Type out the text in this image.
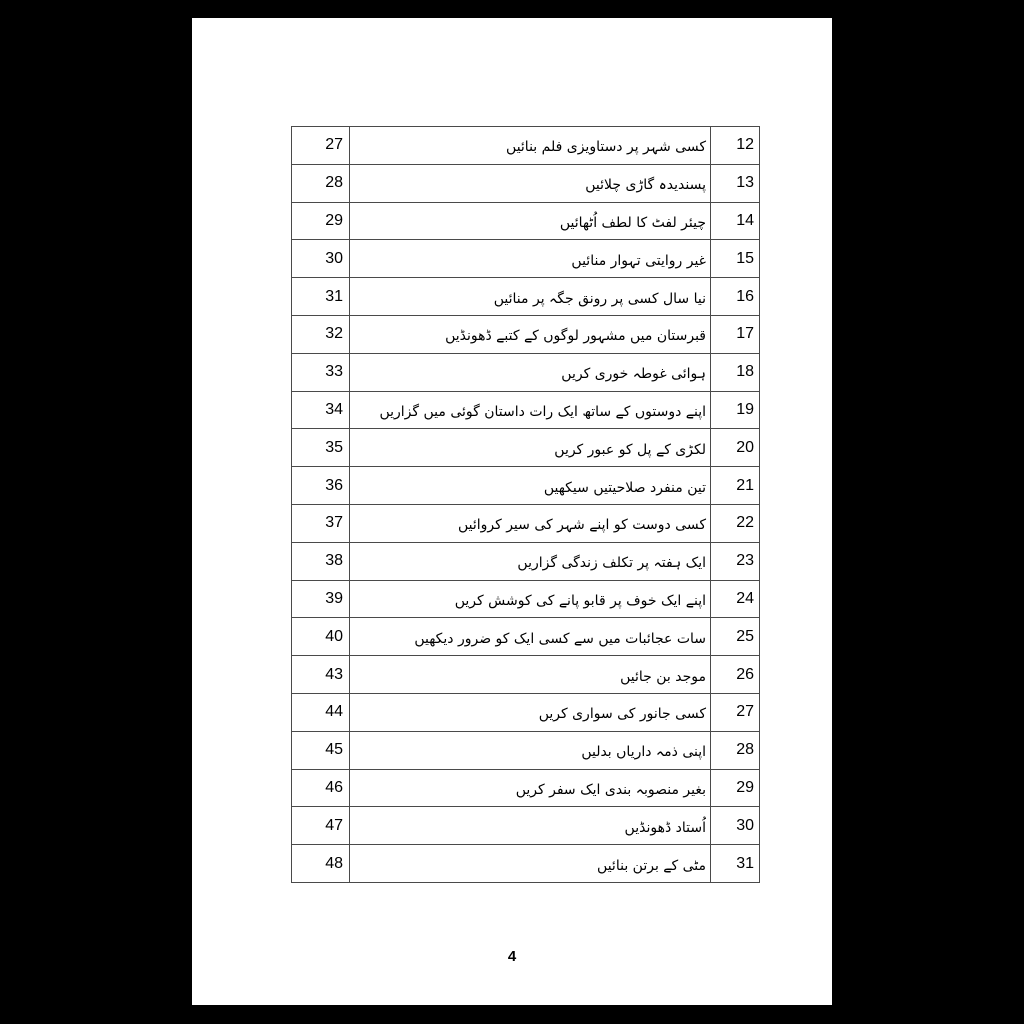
27	کسی شہر پر دستاویزی فلم بنائیں	12
28	پسندیدہ گاڑی چلائیں	13
29	چیئر لفٹ کا لطف اُٹھائیں	14
30	غیر روایتی تہوار منائیں	15
31	نیا سال کسی پر رونق جگہ پر منائیں	16
32	قبرستان میں مشہور لوگوں کے کتبے ڈھونڈیں	17
33	ہوائی غوطہ خوری کریں	18
34	اپنے دوستوں کے ساتھ ایک رات داستان گوئی میں گزاریں	19
35	لکڑی کے پل کو عبور کریں	20
36	تین منفرد صلاحیتیں سیکھیں	21
37	کسی دوست کو اپنے شہر کی سیر کروائیں	22
38	ایک ہفتہ پر تکلف زندگی گزاریں	23
39	اپنے ایک خوف پر قابو پانے کی کوشش کریں	24
40	سات عجائبات میں سے کسی ایک کو ضرور دیکھیں	25
43	موجد بن جائیں	26
44	کسی جانور کی سواری کریں	27
45	اپنی ذمہ داریاں بدلیں	28
46	بغیر منصوبہ بندی ایک سفر کریں	29
47	اُستاد ڈھونڈیں	30
48	مٹی کے برتن بنائیں	31
4
